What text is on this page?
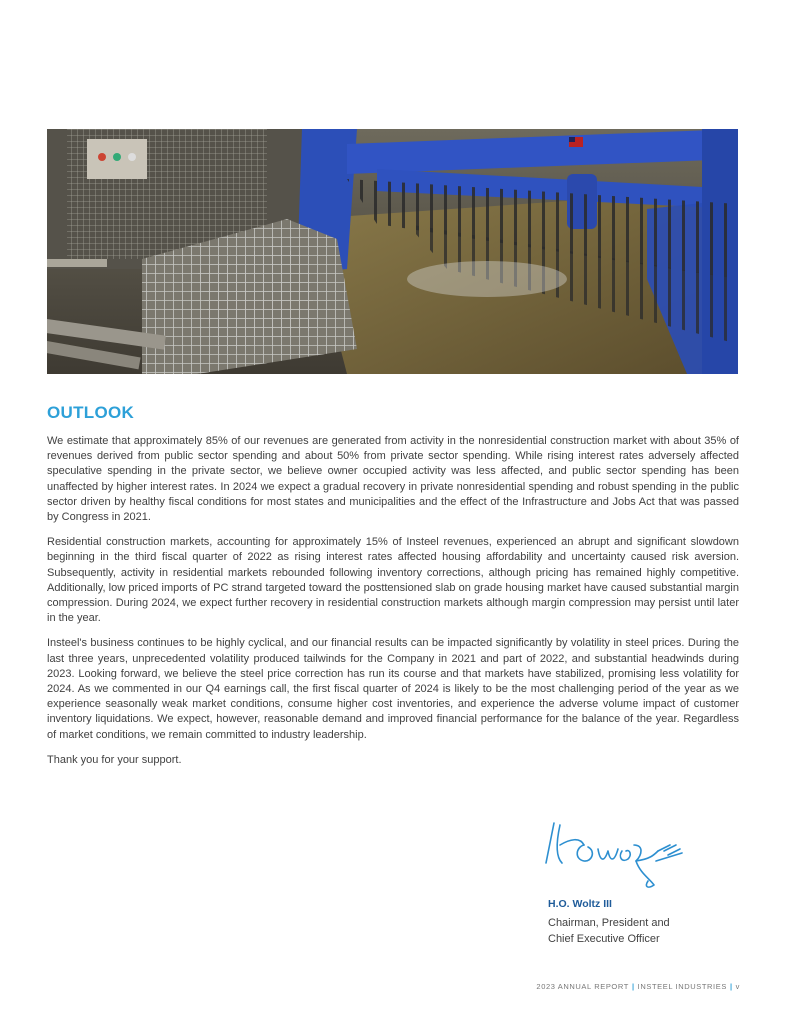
OUTLOOK

We estimate that approximately 85% of our revenues are generated from activity in the nonresidential construction market with about 35% of revenues derived from public sector spending and about 50% from private sector spending. While rising interest rates adversely affected speculative spending in the private sector, we believe owner occupied activity was less affected, and public sector spending has been unaffected by higher interest rates. In 2024 we expect a gradual recovery in private nonresidential spending and robust spending in the public sector driven by healthy fiscal conditions for most states and municipalities and the effect of the Infrastructure and Jobs Act that was passed by Congress in 2021.

Residential construction markets, accounting for approximately 15% of Insteel revenues, experienced an abrupt and significant slowdown beginning in the third fiscal quarter of 2022 as rising interest rates affected housing affordability and uncertainty caused risk aversion. Subsequently, activity in residential markets rebounded following inventory corrections, although pricing has remained highly competitive. Additionally, low priced imports of PC strand targeted toward the posttensioned slab on grade housing market have caused substantial margin compression. During 2024, we expect further recovery in residential construction markets although margin compression may persist until later in the year.

Insteel's business continues to be highly cyclical, and our financial results can be impacted significantly by volatility in steel prices. During the last three years, unprecedented volatility produced tailwinds for the Company in 2021 and part of 2022, and substantial headwinds during 2023. Looking forward, we believe the steel price correction has run its course and that markets have stabilized, promising less volatility for 2024. As we commented in our Q4 earnings call, the first fiscal quarter of 2024 is likely to be the most challenging period of the year as we experience seasonally weak market conditions, consume higher cost inventories, and experience the adverse volume impact of customer inventory liquidations. We expect, however, reasonable demand and improved financial performance for the balance of the year. Regardless of market conditions, we remain committed to industry leadership.

Thank you for your support.

H.O. Woltz III
Chairman, President and
Chief Executive Officer
2023 ANNUAL REPORT | INSTEEL INDUSTRIES | v
